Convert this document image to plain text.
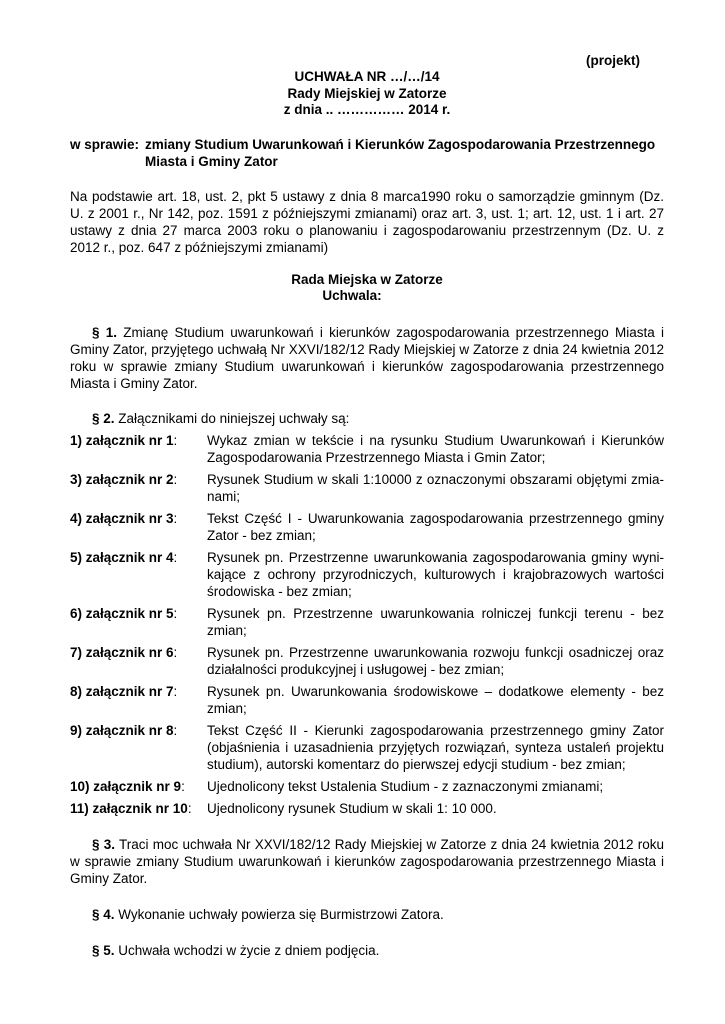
(projekt)

UCHWAŁA NR …/…/14
Rady Miejskiej w Zatorze
z dnia .. …………… 2014 r.
w sprawie: zmiany Studium Uwarunkowań i Kierunków Zagospodarowania Przestrzennego Miasta i Gminy Zator
Na podstawie art. 18, ust. 2, pkt 5 ustawy z dnia 8 marca1990 roku o samorządzie gminnym (Dz. U. z 2001 r., Nr 142, poz. 1591 z późniejszymi zmianami) oraz art. 3, ust. 1; art. 12, ust. 1 i art. 27 ustawy z dnia 27 marca 2003 roku o planowaniu i zagospodarowaniu przestrzennym (Dz. U. z 2012 r., poz. 647 z późniejszymi zmianami)
Rada Miejska w Zatorze
Uchwala:
§ 1. Zmianę Studium uwarunkowań i kierunków zagospodarowania przestrzennego Miasta i Gminy Zator, przyjętego uchwałą Nr XXVI/182/12 Rady Miejskiej w Zatorze z dnia 24 kwietnia 2012 roku w sprawie zmiany Studium uwarunkowań i kierunków zagospodarowania przestrzennego Miasta i Gminy Zator.
§ 2. Załącznikami do niniejszej uchwały są:
1) załącznik nr 1:	Wykaz zmian w tekście i na rysunku Studium Uwarunkowań i Kierunków Zagospodarowania Przestrzennego Miasta i Gmin Zator;
3) załącznik nr 2:	Rysunek Studium w skali 1:10000 z oznaczonymi obszarami objętymi zmianami;
4) załącznik nr 3:	Tekst Część I - Uwarunkowania zagospodarowania przestrzennego gminy Zator - bez zmian;
5) załącznik nr 4:	Rysunek pn. Przestrzenne uwarunkowania zagospodarowania gminy wynikające z ochrony przyrodniczych, kulturowych i krajobrazowych wartości środowiska - bez zmian;
6) załącznik nr 5:	Rysunek pn. Przestrzenne uwarunkowania rolniczej funkcji terenu - bez zmian;
7) załącznik nr 6:	Rysunek pn. Przestrzenne uwarunkowania rozwoju funkcji osadniczej oraz działalności produkcyjnej i usługowej - bez zmian;
8) załącznik nr 7:	Rysunek pn. Uwarunkowania środowiskowe – dodatkowe elementy - bez zmian;
9) załącznik nr 8:	Tekst Część II - Kierunki zagospodarowania przestrzennego gminy Zator (objaśnienia i uzasadnienia przyjętych rozwiązań, synteza ustaleń projektu studium), autorski komentarz do pierwszej edycji studium - bez zmian;
10) załącznik nr 9:	Ujednolicony tekst Ustalenia Studium - z zaznaczonymi zmianami;
11) załącznik nr 10:	Ujednolicony rysunek Studium w skali 1: 10 000.
§ 3. Traci moc uchwała Nr XXVI/182/12 Rady Miejskiej w Zatorze z dnia 24 kwietnia 2012 roku w sprawie zmiany Studium uwarunkowań i kierunków zagospodarowania przestrzennego Miasta i Gminy Zator.
§ 4. Wykonanie uchwały powierza się Burmistrzowi Zatora.
§ 5. Uchwała wchodzi w życie z dniem podjęcia.
